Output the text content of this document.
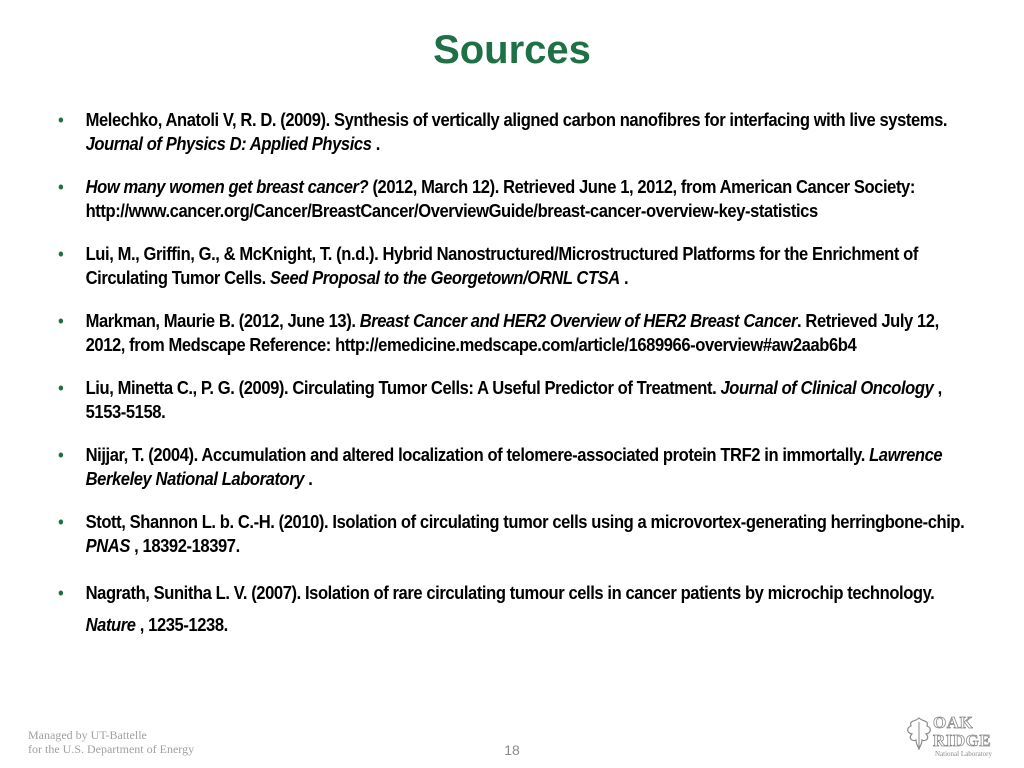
Sources
• Melechko, Anatoli V, R. D. (2009). Synthesis of vertically aligned carbon nanofibres for interfacing with live systems. Journal of Physics D: Applied Physics .
• How many women get breast cancer? (2012, March 12). Retrieved June 1, 2012, from American Cancer Society: http://www.cancer.org/Cancer/BreastCancer/OverviewGuide/breast-cancer-overview-key-statistics
• Lui, M., Griffin, G., & McKnight, T. (n.d.). Hybrid Nanostructured/Microstructured Platforms for the Enrichment of Circulating Tumor Cells. Seed Proposal to the Georgetown/ORNL CTSA .
• Markman, Maurie B. (2012, June 13). Breast Cancer and HER2 Overview of HER2 Breast Cancer. Retrieved July 12, 2012, from Medscape Reference: http://emedicine.medscape.com/article/1689966-overview#aw2aab6b4
• Liu, Minetta C., P. G. (2009). Circulating Tumor Cells: A Useful Predictor of Treatment. Journal of Clinical Oncology , 5153-5158.
• Nijjar, T. (2004). Accumulation and altered localization of telomere-associated protein TRF2 in immortally. Lawrence Berkeley National Laboratory .
• Stott, Shannon L. b. C.-H. (2010). Isolation of circulating tumor cells using a microvortex-generating herringbone-chip. PNAS , 18392-18397.
• Nagrath, Sunitha L. V. (2007). Isolation of rare circulating tumour cells in cancer patients by microchip technology. Nature , 1235-1238.
Managed by UT-Battelle
for the U.S. Department of Energy	18
OAK
RIDGE
National Laboratory
